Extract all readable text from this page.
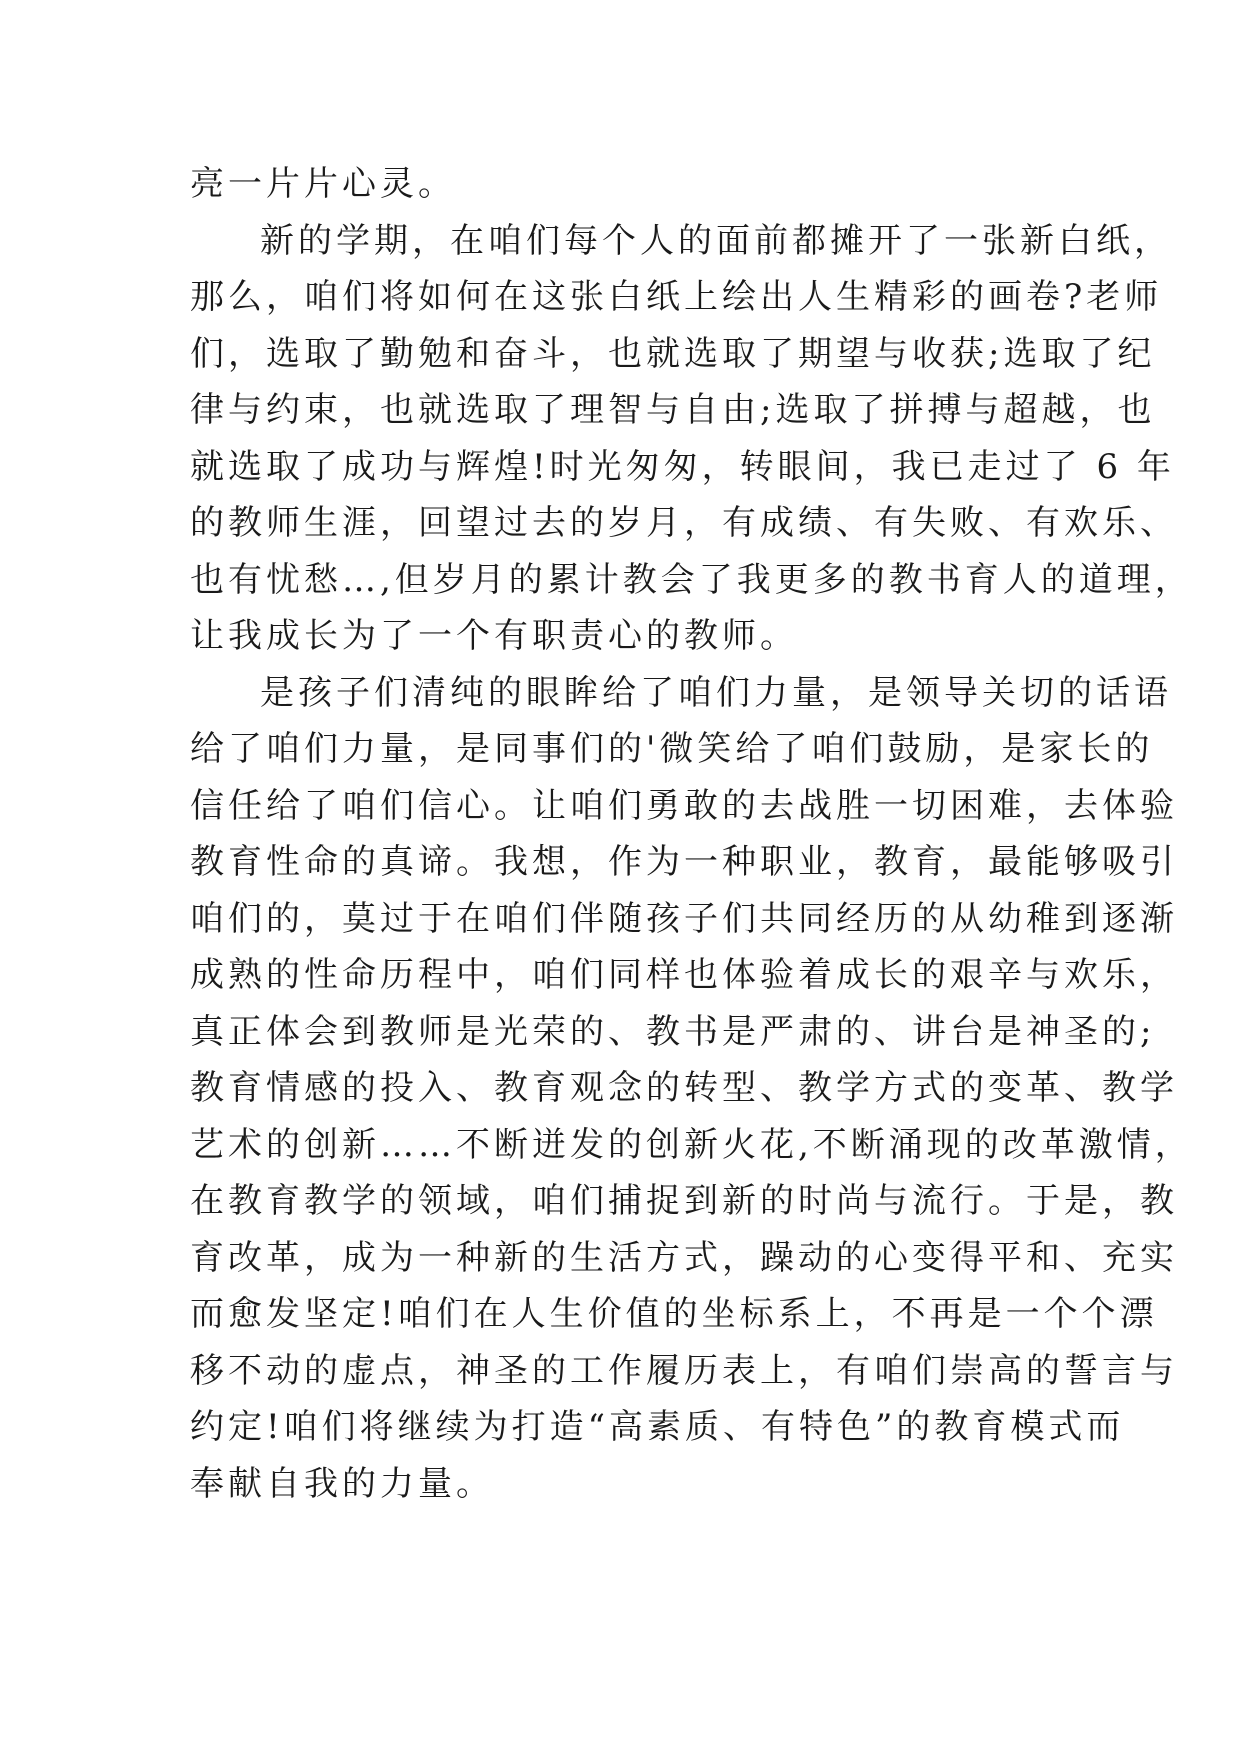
亮一片片心灵。
新的学期，在咱们每个人的面前都摊开了一张新白纸，
那么，咱们将如何在这张白纸上绘出人生精彩的画卷?老师
们，选取了勤勉和奋斗，也就选取了期望与收获;选取了纪
律与约束，也就选取了理智与自由;选取了拼搏与超越，也
就选取了成功与辉煌!时光匆匆，转眼间，我已走过了 6 年
的教师生涯，回望过去的岁月，有成绩、有失败、有欢乐、
也有忧愁…,但岁月的累计教会了我更多的教书育人的道理，
让我成长为了一个有职责心的教师。
是孩子们清纯的眼眸给了咱们力量，是领导关切的话语
给了咱们力量，是同事们的'微笑给了咱们鼓励，是家长的
信任给了咱们信心。让咱们勇敢的去战胜一切困难，去体验
教育性命的真谛。我想，作为一种职业，教育，最能够吸引
咱们的，莫过于在咱们伴随孩子们共同经历的从幼稚到逐渐
成熟的性命历程中，咱们同样也体验着成长的艰辛与欢乐，
真正体会到教师是光荣的、教书是严肃的、讲台是神圣的;
教育情感的投入、教育观念的转型、教学方式的变革、教学
艺术的创新……不断迸发的创新火花,不断涌现的改革激情，
在教育教学的领域，咱们捕捉到新的时尚与流行。于是，教
育改革，成为一种新的生活方式，躁动的心变得平和、充实
而愈发坚定!咱们在人生价值的坐标系上，不再是一个个漂
移不动的虚点，神圣的工作履历表上，有咱们崇高的誓言与
约定!咱们将继续为打造“高素质、有特色”的教育模式而
奉献自我的力量。
